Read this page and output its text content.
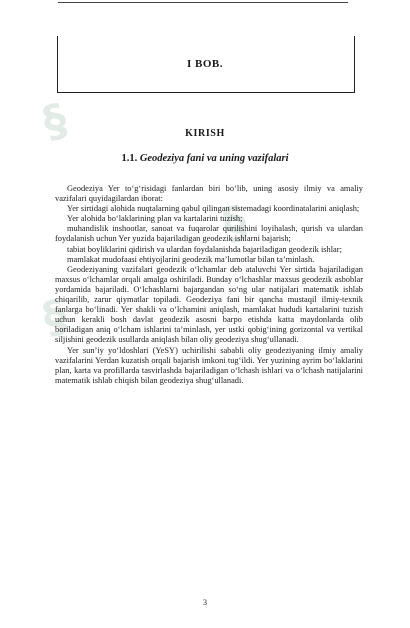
I BOB.
§
§
§
KIRISH
1.1. Geodeziya fani va uning vazifalari

Geodeziya Yer to‘g‘risidagi fanlardan biri bo‘lib, uning asosiy ilmiy va amaliy vazifalari quyidagilardan iborat:

Yer sirtidagi alohida nuqtalarning qabul qilingan sistemadagi koordinatalarini aniqlash;

Yer alohida bo‘laklarining plan va kartalarini tuzish;

muhandislik inshootlar, sanoat va fuqarolar qurilishini loyihalash, qurish va ulardan foydalanish uchun Yer yuzida bajariladigan geodezik ishlarni bajarish;

tabiat boyliklarini qidirish va ulardan foydalanishda bajariladigan geodezik ishlar;

mamlakat mudofaasi ehtiyojlarini geodezik ma’lumotlar bilan ta’minlash.

Geodeziyaning vazifalari geodezik o‘lchamlar deb ataluvchi Yer sirtida bajariladigan maxsus o‘lchamlar orqali amalga oshiriladi. Bunday o‘lchashlar maxsus geodezik asboblar yordamida bajariladi. O‘lchashlarni bajargandan so‘ng ular natijalari matematik ishlab chiqarilib, zarur qiymatlar topiladi. Geodeziya fani bir qancha mustaqil ilmiy-texnik fanlarga bo‘linadi. Yer shakli va o‘lchamini aniqlash, mamlakat hududi kartalarini tuzish uchun kerakli bosh davlat geodezik asosni barpo etishda katta maydonlarda olib boriladigan aniq o‘lcham ishlarini ta’minlash, yer ustki qobig‘ining gorizontal va vertikal siljishini geodezik usullarda aniqlash bilan oliy geodeziya shug‘ullanadi.

Yer sun’iy yo‘ldoshlari (YeSY) uchirilishi sababli oliy geodeziyaning ilmiy amaliy vazifalarini Yerdan kuzatish orqali bajarish imkoni tug‘ildi. Yer yuzining ayrim bo‘laklarini plan, karta va profillarda tasvirlashda bajariladigan o‘lchash ishlari va o‘lchash natijalarini matematik ishlab chiqish bilan geodeziya shug‘ullanadi.

3
